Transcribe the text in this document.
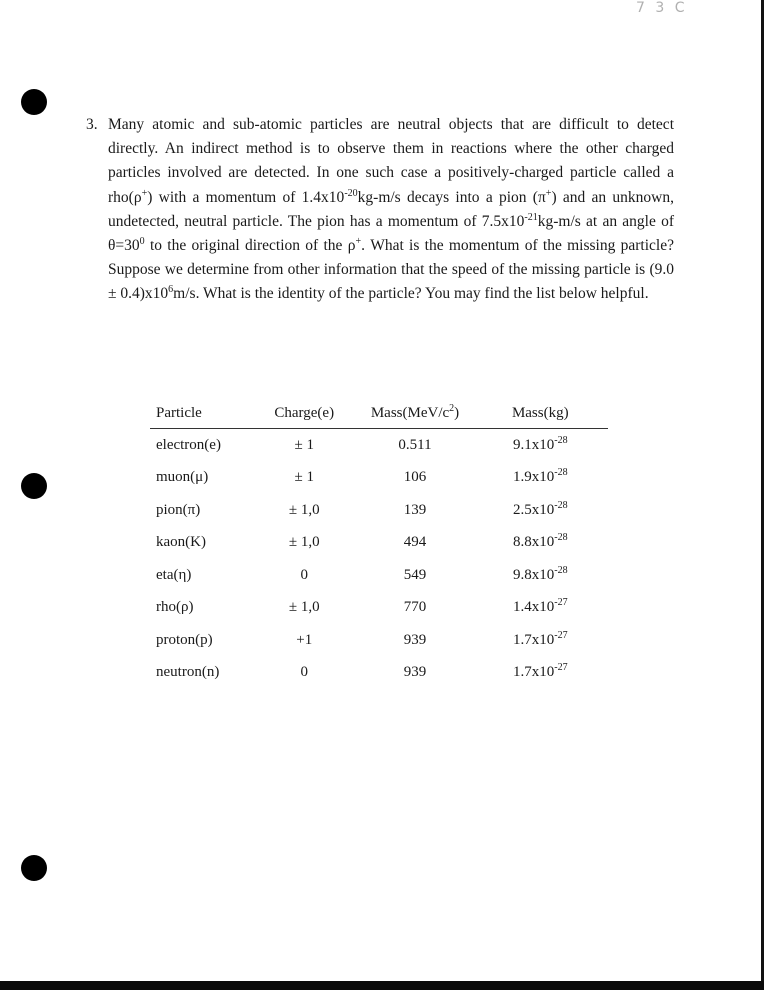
7 3 C
3. Many atomic and sub-atomic particles are neutral objects that are difficult to detect directly. An indirect method is to observe them in reactions where the other charged particles involved are detected. In one such case a positively-charged particle called a rho(ρ+) with a momentum of $1.4x10^{-20}kg-m/s$ decays into a pion (π+) and an unknown, undetected, neutral particle. The pion has a momentum of $7.5x10^{-21}kg-m/s$ at an angle of $\theta=30^0$ to the original direction of the ρ+. What is the momentum of the missing particle? Suppose we determine from other information that the speed of the missing particle is $(9.0 \pm 0.4)x10^6m/s$. What is the identity of the particle? You may find the list below helpful.
Particle	Charge(e)	$Mass(MeV/c^2)$	Mass(kg)
electron(e)	± 1	0.511	$9.1x10^{-28}$
muon(μ)	± 1	106	$1.9x10^{-28}$
pion(π)	± 1,0	139	$2.5x10^{-28}$
kaon(K)	± 1,0	494	$8.8x10^{-28}$
eta(η)	0	549	$9.8x10^{-28}$
rho(ρ)	± 1,0	770	$1.4x10^{-27}$
proton(p)	+1	939	$1.7x10^{-27}$
neutron(n)	0	939	$1.7x10^{-27}$
